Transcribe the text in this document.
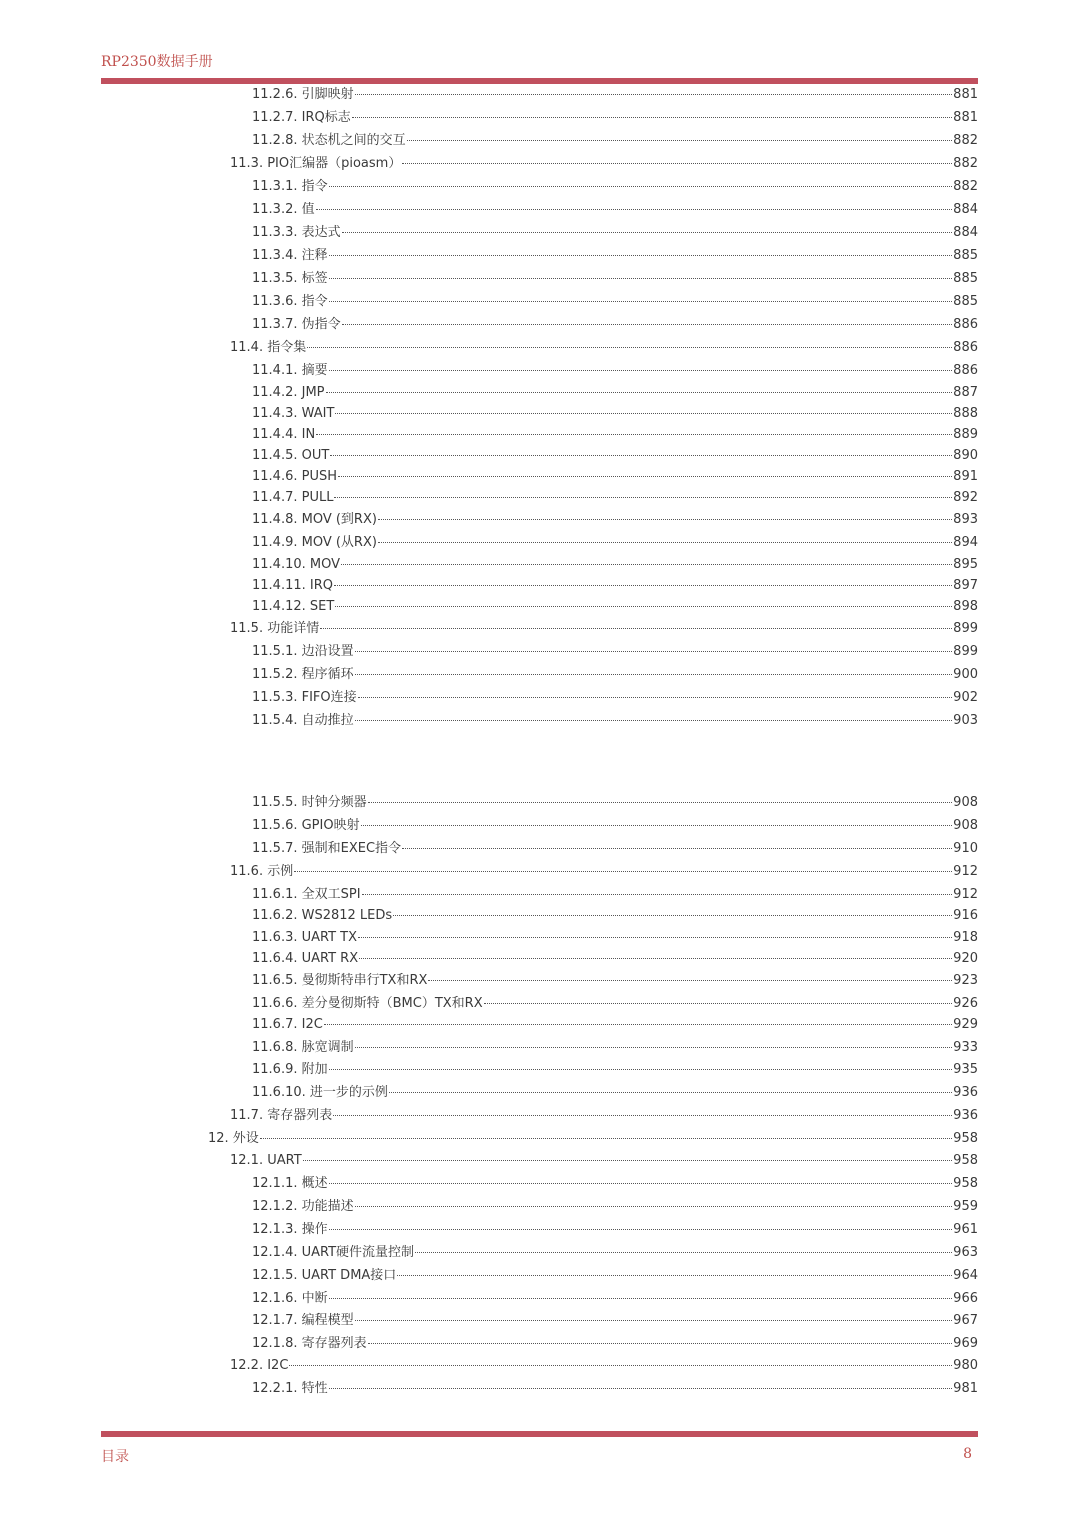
RP2350数据手册
11.2.6. 引脚映射	881
11.2.7. IRQ标志	881
11.2.8. 状态机之间的交互	882
11.3. PIO汇编器（pioasm）	882
11.3.1. 指令	882
11.3.2. 值	884
11.3.3. 表达式	884
11.3.4. 注释	885
11.3.5. 标签	885
11.3.6. 指令	885
11.3.7. 伪指令	886
11.4. 指令集	886
11.4.1. 摘要	886
11.4.2. JMP	887
11.4.3. WAIT	888
11.4.4. IN	889
11.4.5. OUT	890
11.4.6. PUSH	891
11.4.7. PULL	892
11.4.8. MOV (到RX)	893
11.4.9. MOV (从RX)	894
11.4.10. MOV	895
11.4.11. IRQ	897
11.4.12. SET	898
11.5. 功能详情	899
11.5.1. 边沿设置	899
11.5.2. 程序循环	900
11.5.3. FIFO连接	902
11.5.4. 自动推拉	903
11.5.5. 时钟分频器	908
11.5.6. GPIO映射	908
11.5.7. 强制和EXEC指令	910
11.6. 示例	912
11.6.1. 全双工SPI	912
11.6.2. WS2812 LEDs	916
11.6.3. UART TX	918
11.6.4. UART RX	920
11.6.5. 曼彻斯特串行TX和RX	923
11.6.6. 差分曼彻斯特（BMC）TX和RX	926
11.6.7. I2C	929
11.6.8. 脉宽调制	933
11.6.9. 附加	935
11.6.10. 进一步的示例	936
11.7. 寄存器列表	936
12. 外设	958
12.1. UART	958
12.1.1. 概述	958
12.1.2. 功能描述	959
12.1.3. 操作	961
12.1.4. UART硬件流量控制	963
12.1.5. UART DMA接口	964
12.1.6. 中断	966
12.1.7. 编程模型	967
12.1.8. 寄存器列表	969
12.2. I2C	980
12.2.1. 特性	981
目录	8
